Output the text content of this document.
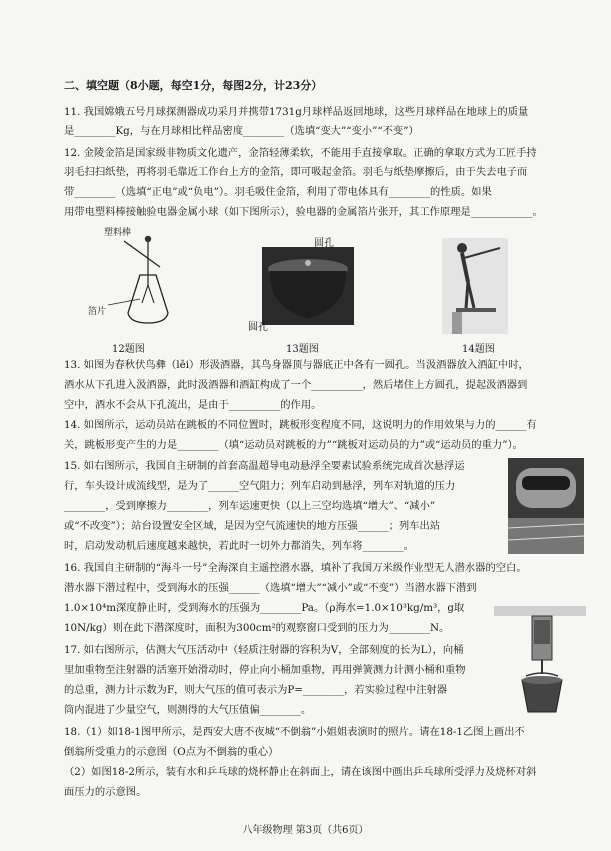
二、填空题（8小题，每空1分，每图2分，计23分）
11. 我国嫦娥五号月球探测器成功采月并携带1731g月球样品返回地球，这些月球样品在地球上的质量
是________Kg，与在月球相比样品密度________（选填“变大”“变小”“不变”）
12. 金陵金箔是国家级非物质文化遗产，金箔轻薄柔软，不能用手直接拿取。正确的拿取方式为工匠手持
羽毛扫扫纸垫，再将羽毛靠近工作台上方的金箔，即可吸起金箔。羽毛与纸垫摩擦后，由于失去电子而
带________（选填“正电”或“负电”）。羽毛吸住金箔，利用了带电体具有________的性质。如果
用带电塑料棒接触验电器金属小球（如下图所示），验电器的金属箔片张开，其工作原理是____________。
塑料棒
箔片
12题图
圆孔
圆孔
13题图	14题图
13. 如图为春秋伏鸟彝（lěi）形汲酒器，其鸟身器顶与器底正中各有一圆孔。当汲酒器放入酒缸中时，
酒水从下孔进入汲酒器，此时汲酒器和酒缸构成了一个__________，然后堵住上方圆孔，提起汲酒器到
空中，酒水不会从下孔流出，是由于__________的作用。
14. 如图所示，运动员站在跳板的不同位置时，跳板形变程度不同，这说明力的作用效果与力的______有
关，跳板形变产生的力是________（填“运动员对跳板的力”“跳板对运动员的力”或“运动员的重力”）。
15. 如右图所示，我国自主研制的首套高温超导电动悬浮全要素试验系统完成首次悬浮运
行，车头设计成流线型，是为了______空气阻力；列车启动到悬浮，列车对轨道的压力
________，受到摩擦力________，列车运速更快（以上三空均选填“增大”、“减小”
或“不改变”）；站台设置安全区域，是因为空气流速快的地方压强______；列车出站
时，启动发动机后速度越来越快，若此时一切外力都消失，列车将________。
16. 我国自主研制的“海斗一号”全海深自主遥控潜水器，填补了我国万米级作业型无人潜水器的空白。
潜水器下潜过程中，受到海水的压强______（选填“增大”“减小”或“不变”）当潜水器下潜到
1.0×10⁴m深度静止时，受到海水的压强为________Pa。（ρ海水=1.0×10³kg/m³，g取
10N/kg）则在此下潜深度时，面积为300cm²的观察窗口受到的压力为________N。
17. 如右图所示，估测大气压活动中（轻质注射器的容积为V，全部刻度的长为L），向桶
里加重物至注射器的活塞开始滑动时，停止向小桶加重物，再用弹簧测力计测小桶和重物
的总重，测力计示数为F，则大气压的值可表示为P=________，若实验过程中注射器
筒内混进了少量空气，则测得的大气压值偏________。
18.（1）如18-1图甲所示，是西安大唐不夜城“不倒翁”小姐姐表演时的照片。请在18-1乙图上画出不
倒翁所受重力的示意图（O点为不倒翁的重心）
（2）如图18-2所示，装有水和乒乓球的烧杯静止在斜面上，请在该图中画出乒乓球所受浮力及烧杯对斜
面压力的示意图。
八年级物理 第3页（共6页）
